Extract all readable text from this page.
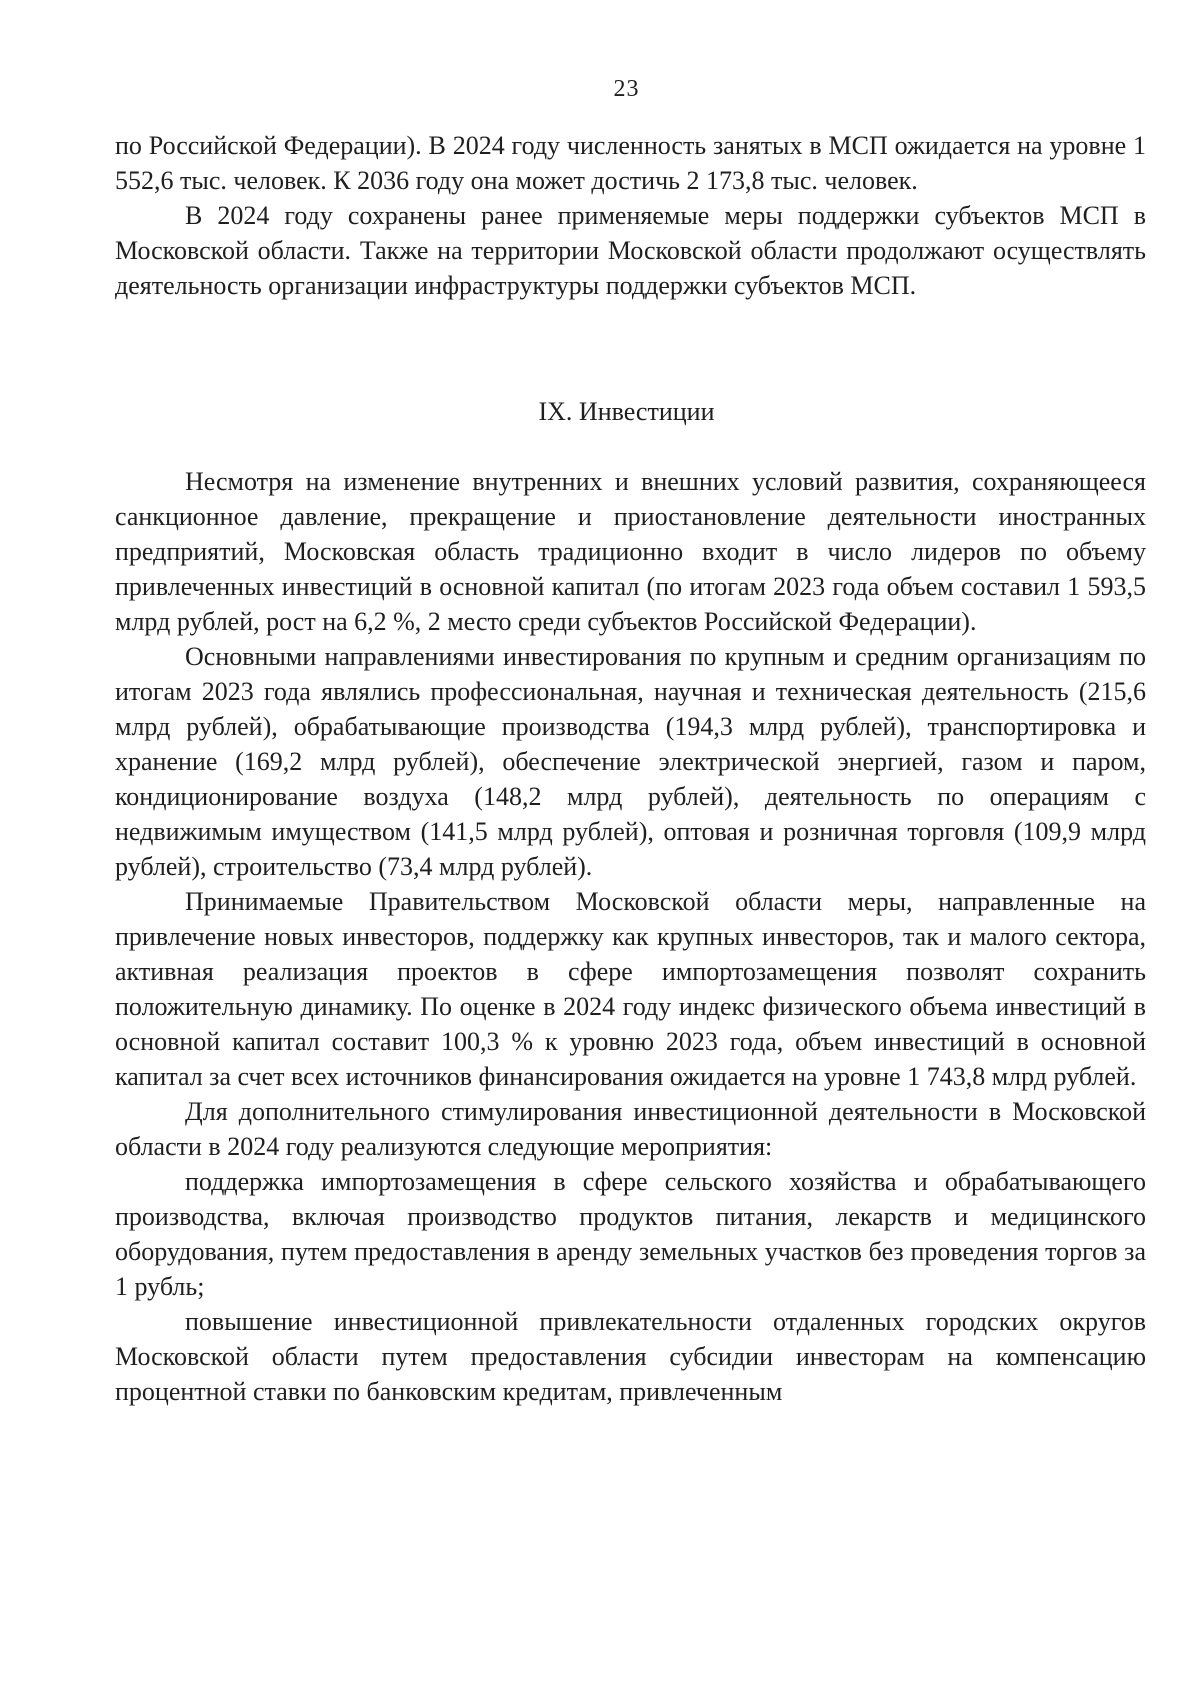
23

по Российской Федерации). В 2024 году численность занятых в МСП ожидается на уровне 1 552,6 тыс. человек. К 2036 году она может достичь 2 173,8 тыс. человек.

В 2024 году сохранены ранее применяемые меры поддержки субъектов МСП в Московской области. Также на территории Московской области продолжают осуществлять деятельность организации инфраструктуры поддержки субъектов МСП.

IX. Инвестиции

Несмотря на изменение внутренних и внешних условий развития, сохраняющееся санкционное давление, прекращение и приостановление деятельности иностранных предприятий, Московская область традиционно входит в число лидеров по объему привлеченных инвестиций в основной капитал (по итогам 2023 года объем составил 1 593,5 млрд рублей, рост на 6,2 %, 2 место среди субъектов Российской Федерации).

Основными направлениями инвестирования по крупным и средним организациям по итогам 2023 года являлись профессиональная, научная и техническая деятельность (215,6 млрд рублей), обрабатывающие производства (194,3 млрд рублей), транспортировка и хранение (169,2 млрд рублей), обеспечение электрической энергией, газом и паром, кондиционирование воздуха (148,2 млрд рублей), деятельность по операциям с недвижимым имуществом (141,5 млрд рублей), оптовая и розничная торговля (109,9 млрд рублей), строительство (73,4 млрд рублей).

Принимаемые Правительством Московской области меры, направленные на привлечение новых инвесторов, поддержку как крупных инвесторов, так и малого сектора, активная реализация проектов в сфере импортозамещения позволят сохранить положительную динамику. По оценке в 2024 году индекс физического объема инвестиций в основной капитал составит 100,3 % к уровню 2023 года, объем инвестиций в основной капитал за счет всех источников финансирования ожидается на уровне 1 743,8 млрд рублей.

Для дополнительного стимулирования инвестиционной деятельности в Московской области в 2024 году реализуются следующие мероприятия:

поддержка импортозамещения в сфере сельского хозяйства и обрабатывающего производства, включая производство продуктов питания, лекарств и медицинского оборудования, путем предоставления в аренду земельных участков без проведения торгов за 1 рубль;

повышение инвестиционной привлекательности отдаленных городских округов Московской области путем предоставления субсидии инвесторам на компенсацию процентной ставки по банковским кредитам, привлеченным
